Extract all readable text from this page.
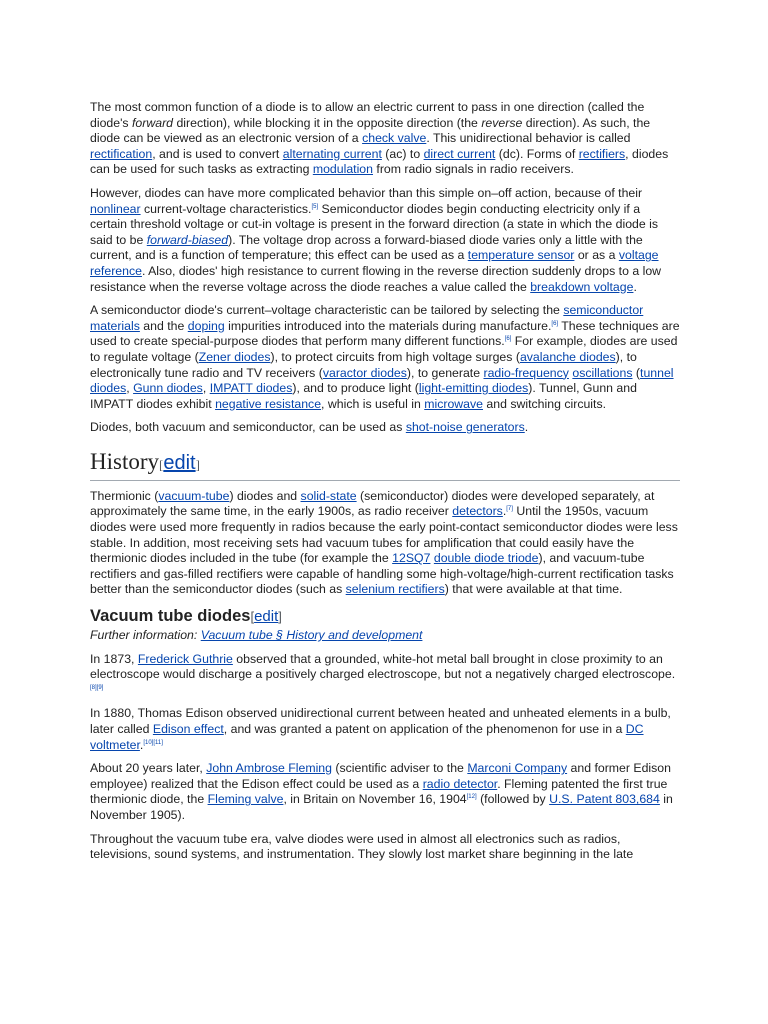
The most common function of a diode is to allow an electric current to pass in one direction (called the diode's forward direction), while blocking it in the opposite direction (the reverse direction). As such, the diode can be viewed as an electronic version of a check valve. This unidirectional behavior is called rectification, and is used to convert alternating current (ac) to direct current (dc). Forms of rectifiers, diodes can be used for such tasks as extracting modulation from radio signals in radio receivers.

However, diodes can have more complicated behavior than this simple on–off action, because of their nonlinear current-voltage characteristics.[5] Semiconductor diodes begin conducting electricity only if a certain threshold voltage or cut-in voltage is present in the forward direction (a state in which the diode is said to be forward-biased). The voltage drop across a forward-biased diode varies only a little with the current, and is a function of temperature; this effect can be used as a temperature sensor or as a voltage reference. Also, diodes' high resistance to current flowing in the reverse direction suddenly drops to a low resistance when the reverse voltage across the diode reaches a value called the breakdown voltage.

A semiconductor diode's current–voltage characteristic can be tailored by selecting the semiconductor materials and the doping impurities introduced into the materials during manufacture.[6] These techniques are used to create special-purpose diodes that perform many different functions.[6] For example, diodes are used to regulate voltage (Zener diodes), to protect circuits from high voltage surges (avalanche diodes), to electronically tune radio and TV receivers (varactor diodes), to generate radio-frequency oscillations (tunnel diodes, Gunn diodes, IMPATT diodes), and to produce light (light-emitting diodes). Tunnel, Gunn and IMPATT diodes exhibit negative resistance, which is useful in microwave and switching circuits.

Diodes, both vacuum and semiconductor, can be used as shot-noise generators.

History[edit]

Thermionic (vacuum-tube) diodes and solid-state (semiconductor) diodes were developed separately, at approximately the same time, in the early 1900s, as radio receiver detectors.[7] Until the 1950s, vacuum diodes were used more frequently in radios because the early point-contact semiconductor diodes were less stable. In addition, most receiving sets had vacuum tubes for amplification that could easily have the thermionic diodes included in the tube (for example the 12SQ7 double diode triode), and vacuum-tube rectifiers and gas-filled rectifiers were capable of handling some high-voltage/high-current rectification tasks better than the semiconductor diodes (such as selenium rectifiers) that were available at that time.

Vacuum tube diodes[edit]
Further information: Vacuum tube § History and development

In 1873, Frederick Guthrie observed that a grounded, white-hot metal ball brought in close proximity to an electroscope would discharge a positively charged electroscope, but not a negatively charged electroscope.[8][9]

In 1880, Thomas Edison observed unidirectional current between heated and unheated elements in a bulb, later called Edison effect, and was granted a patent on application of the phenomenon for use in a DC voltmeter.[10][11]

About 20 years later, John Ambrose Fleming (scientific adviser to the Marconi Company and former Edison employee) realized that the Edison effect could be used as a radio detector. Fleming patented the first true thermionic diode, the Fleming valve, in Britain on November 16, 1904[12] (followed by U.S. Patent 803,684 in November 1905).

Throughout the vacuum tube era, valve diodes were used in almost all electronics such as radios, televisions, sound systems, and instrumentation. They slowly lost market share beginning in the late
